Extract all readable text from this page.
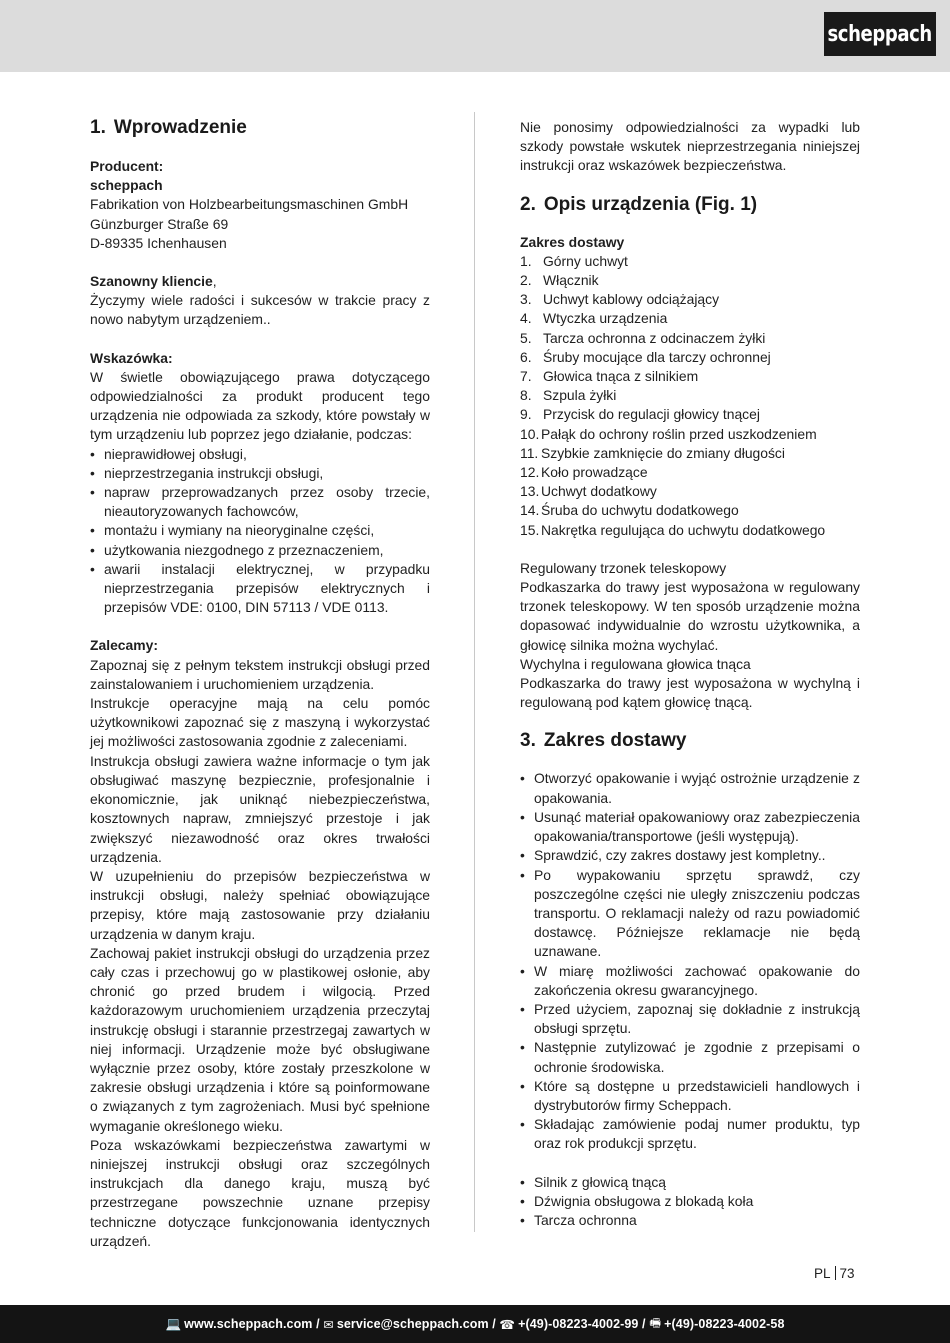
scheppach
1. Wprowadzenie
Producent:
scheppach
Fabrikation von Holzbearbeitungsmaschinen GmbH
Günzburger Straße 69
D-89335 Ichenhausen
Szanowny kliencie,

Życzymy wiele radości i sukcesów w trakcie pracy z nowo nabytym urządzeniem..

Wskazówka:

W świetle obowiązującego prawa dotyczącego odpowiedzialności za produkt producent tego urządzenia nie odpowiada za szkody, które powstały w tym urządzeniu lub poprzez jego działanie, podczas:

• nieprawidłowej obsługi,
• nieprzestrzegania instrukcji obsługi,
• napraw przeprowadzanych przez osoby trzecie, nieautoryzowanych fachowców,
• montażu i wymiany na nieoryginalne części,
• użytkowania niezgodnego z przeznaczeniem,
• awarii instalacji elektrycznej, w przypadku nieprzestrzegania przepisów elektrycznych i przepisów VDE: 0100, DIN 57113 / VDE 0113.
Zalecamy:

Zapoznaj się z pełnym tekstem instrukcji obsługi przed zainstalowaniem i uruchomieniem urządzenia.

Instrukcje operacyjne mają na celu pomóc użytkownikowi zapoznać się z maszyną i wykorzystać jej możliwości zastosowania zgodnie z zaleceniami.

Instrukcja obsługi zawiera ważne informacje o tym jak obsługiwać maszynę bezpiecznie, profesjonalnie i ekonomicznie, jak uniknąć niebezpieczeństwa, kosztownych napraw, zmniejszyć przestoje i jak zwiększyć niezawodność oraz okres trwałości urządzenia.

W uzupełnieniu do przepisów bezpieczeństwa w instrukcji obsługi, należy spełniać obowiązujące przepisy, które mają zastosowanie przy działaniu urządzenia w danym kraju.

Zachowaj pakiet instrukcji obsługi do urządzenia przez cały czas i przechowuj go w plastikowej osłonie, aby chronić go przed brudem i wilgocią. Przed każdorazowym uruchomieniem urządzenia przeczytaj instrukcję obsługi i starannie przestrzegaj zawartych w niej informacji. Urządzenie może być obsługiwane wyłącznie przez osoby, które zostały przeszkolone w zakresie obsługi urządzenia i które są poinformowane o związanych z tym zagrożeniach. Musi być spełnione wymaganie określonego wieku.

Poza wskazówkami bezpieczeństwa zawartymi w niniejszej instrukcji obsługi oraz szczególnych instrukcjach dla danego kraju, muszą być przestrzegane powszechnie uznane przepisy techniczne dotyczące funkcjonowania identycznych urządzeń.

Nie ponosimy odpowiedzialności za wypadki lub szkody powstałe wskutek nieprzestrzegania niniejszej instrukcji oraz wskazówek bezpieczeństwa.

2. Opis urządzenia (Fig. 1)
Zakres dostawy
1. Górny uchwyt
2. Włącznik
3. Uchwyt kablowy odciążający
4. Wtyczka urządzenia
5. Tarcza ochronna z odcinaczem żyłki
6. Śruby mocujące dla tarczy ochronnej
7. Głowica tnąca z silnikiem
8. Szpula żyłki
9. Przycisk do regulacji głowicy tnącej
10. Pałąk do ochrony roślin przed uszkodzeniem
11. Szybkie zamknięcie do zmiany długości
12. Koło prowadzące
13. Uchwyt dodatkowy
14. Śruba do uchwytu dodatkowego
15. Nakrętka regulująca do uchwytu dodatkowego
Regulowany trzonek teleskopowy

Podkaszarka do trawy jest wyposażona w regulowany trzonek teleskopowy. W ten sposób urządzenie można dopasować indywidualnie do wzrostu użytkownika, a głowicę silnika można wychylać.

Wychylna i regulowana głowica tnąca

Podkaszarka do trawy jest wyposażona w wychylną i regulowaną pod kątem głowicę tnącą.

3. Zakres dostawy
• Otworzyć opakowanie i wyjąć ostrożnie urządzenie z opakowania.
• Usunąć materiał opakowaniowy oraz zabezpieczenia opakowania/transportowe (jeśli występują).
• Sprawdzić, czy zakres dostawy jest kompletny..
• Po wypakowaniu sprzętu sprawdź, czy poszczególne części nie uległy zniszczeniu podczas transportu. O reklamacji należy od razu powiadomić dostawcę. Późniejsze reklamacje nie będą uznawane.
• W miarę możliwości zachować opakowanie do zakończenia okresu gwarancyjnego.
• Przed użyciem, zapoznaj się dokładnie z instrukcją obsługi sprzętu.
• Następnie zutylizować je zgodnie z przepisami o ochronie środowiska.
• Które są dostępne u przedstawicieli handlowych i dystrybutorów firmy Scheppach.
• Składając zamówienie podaj numer produktu, typ oraz rok produkcji sprzętu.
• Silnik z głowicą tnącą
• Dźwignia obsługowa z blokadą koła
• Tarcza ochronna
PL 73
💻 www.scheppach.com / ✉ service@scheppach.com / ☎ +(49)-08223-4002-99 / 🖷 +(49)-08223-4002-58
